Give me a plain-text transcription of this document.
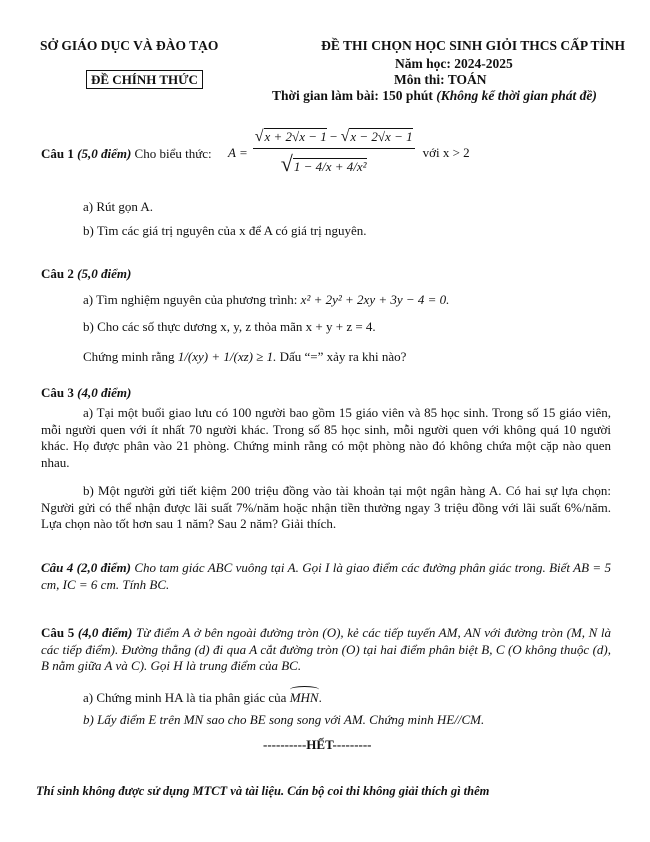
SỞ GIÁO DỤC VÀ ĐÀO TẠO
ĐỀ CHÍNH THỨC
ĐỀ THI CHỌN HỌC SINH GIỎI THCS CẤP TỈNH
Năm học: 2024-2025
Môn thi: TOÁN
Thời gian làm bài: 150 phút (Không kể thời gian phát đề)
Câu 1 (5,0 điểm) Cho biểu thức: $A = \frac{√x + 2√x - 1 - √x - 2√x - 1}{\text{√1 − 4/x + 4/x²}}$ với x > 2
a) Rút gọn A.
b) Tìm các giá trị nguyên của x để A có giá trị nguyên.
Câu 2 (5,0 điểm)
a) Tìm nghiệm nguyên của phương trình: x² + 2y² + 2xy + 3y − 4 = 0.
b) Cho các số thực dương x, y, z thỏa mãn x + y + z = 4.
Chứng minh rằng 1/(xy) + 1/(xz) ≥ 1. Dấu “=” xảy ra khi nào?
Câu 3 (4,0 điểm)
a) Tại một buổi giao lưu có 100 người bao gồm 15 giáo viên và 85 học sinh. Trong số 15 giáo viên, mỗi người quen với ít nhất 70 người khác. Trong số 85 học sinh, mỗi người quen với không quá 10 người khác. Họ được phân vào 21 phòng. Chứng minh rằng có một phòng nào đó không chứa một cặp nào quen nhau.
b) Một người gửi tiết kiệm 200 triệu đồng vào tài khoản tại một ngân hàng A. Có hai sự lựa chọn: Người gửi có thể nhận được lãi suất 7%/năm hoặc nhận tiền thưởng ngay 3 triệu đồng với lãi suất 6%/năm. Lựa chọn nào tốt hơn sau 1 năm? Sau 2 năm? Giải thích.
Câu 4 (2,0 điểm) Cho tam giác ABC vuông tại A. Gọi I là giao điểm các đường phân giác trong. Biết AB = 5 cm, IC = 6 cm. Tính BC.
Câu 5 (4,0 điểm) Từ điểm A ở bên ngoài đường tròn (O), kẻ các tiếp tuyến AM, AN với đường tròn (M, N là các tiếp điểm). Đường thẳng (d) đi qua A cắt đường tròn (O) tại hai điểm phân biệt B, C (O không thuộc (d), B nằm giữa A và C). Gọi H là trung điểm của BC.
a) Chứng minh HA là tia phân giác của MHN.
b) Lấy điểm E trên MN sao cho BE song song với AM. Chứng minh HE//CM.
----------HẾT---------
Thí sinh không được sử dụng MTCT và tài liệu. Cán bộ coi thi không giải thích gì thêm
